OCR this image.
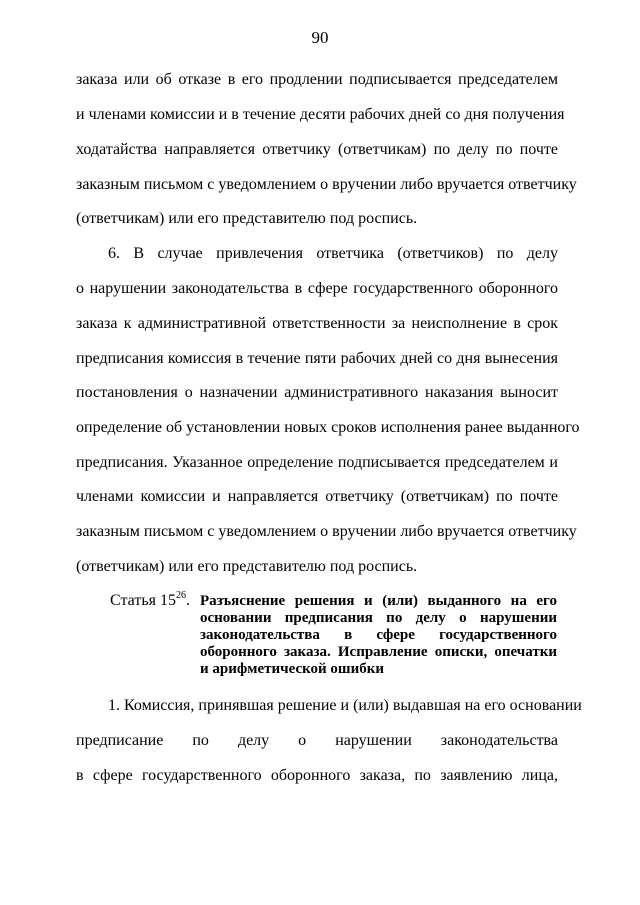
90
заказа или об отказе в его продлении подписывается председателем
и членами комиссии и в течение десяти рабочих дней со дня получения
ходатайства направляется ответчику (ответчикам) по делу по почте
заказным письмом с уведомлением о вручении либо вручается ответчику
(ответчикам) или его представителю под роспись.
6. В случае привлечения ответчика (ответчиков) по делу
о нарушении законодательства в сфере государственного оборонного
заказа к административной ответственности за неисполнение в срок
предписания комиссия в течение пяти рабочих дней со дня вынесения
постановления о назначении административного наказания выносит
определение об установлении новых сроков исполнения ранее выданного
предписания. Указанное определение подписывается председателем и
членами комиссии и направляется ответчику (ответчикам) по почте
заказным письмом с уведомлением о вручении либо вручается ответчику
(ответчикам) или его представителю под роспись.
Статья $15^{26}$. Разъяснение решения и (или) выданного на его
основании предписания по делу о нарушении
законодательства в сфере государственного
оборонного заказа. Исправление описки, опечатки
и арифметической ошибки
1. Комиссия, принявшая решение и (или) выдавшая на его основании
предписание по делу о нарушении законодательства
в сфере государственного оборонного заказа, по заявлению лица,
